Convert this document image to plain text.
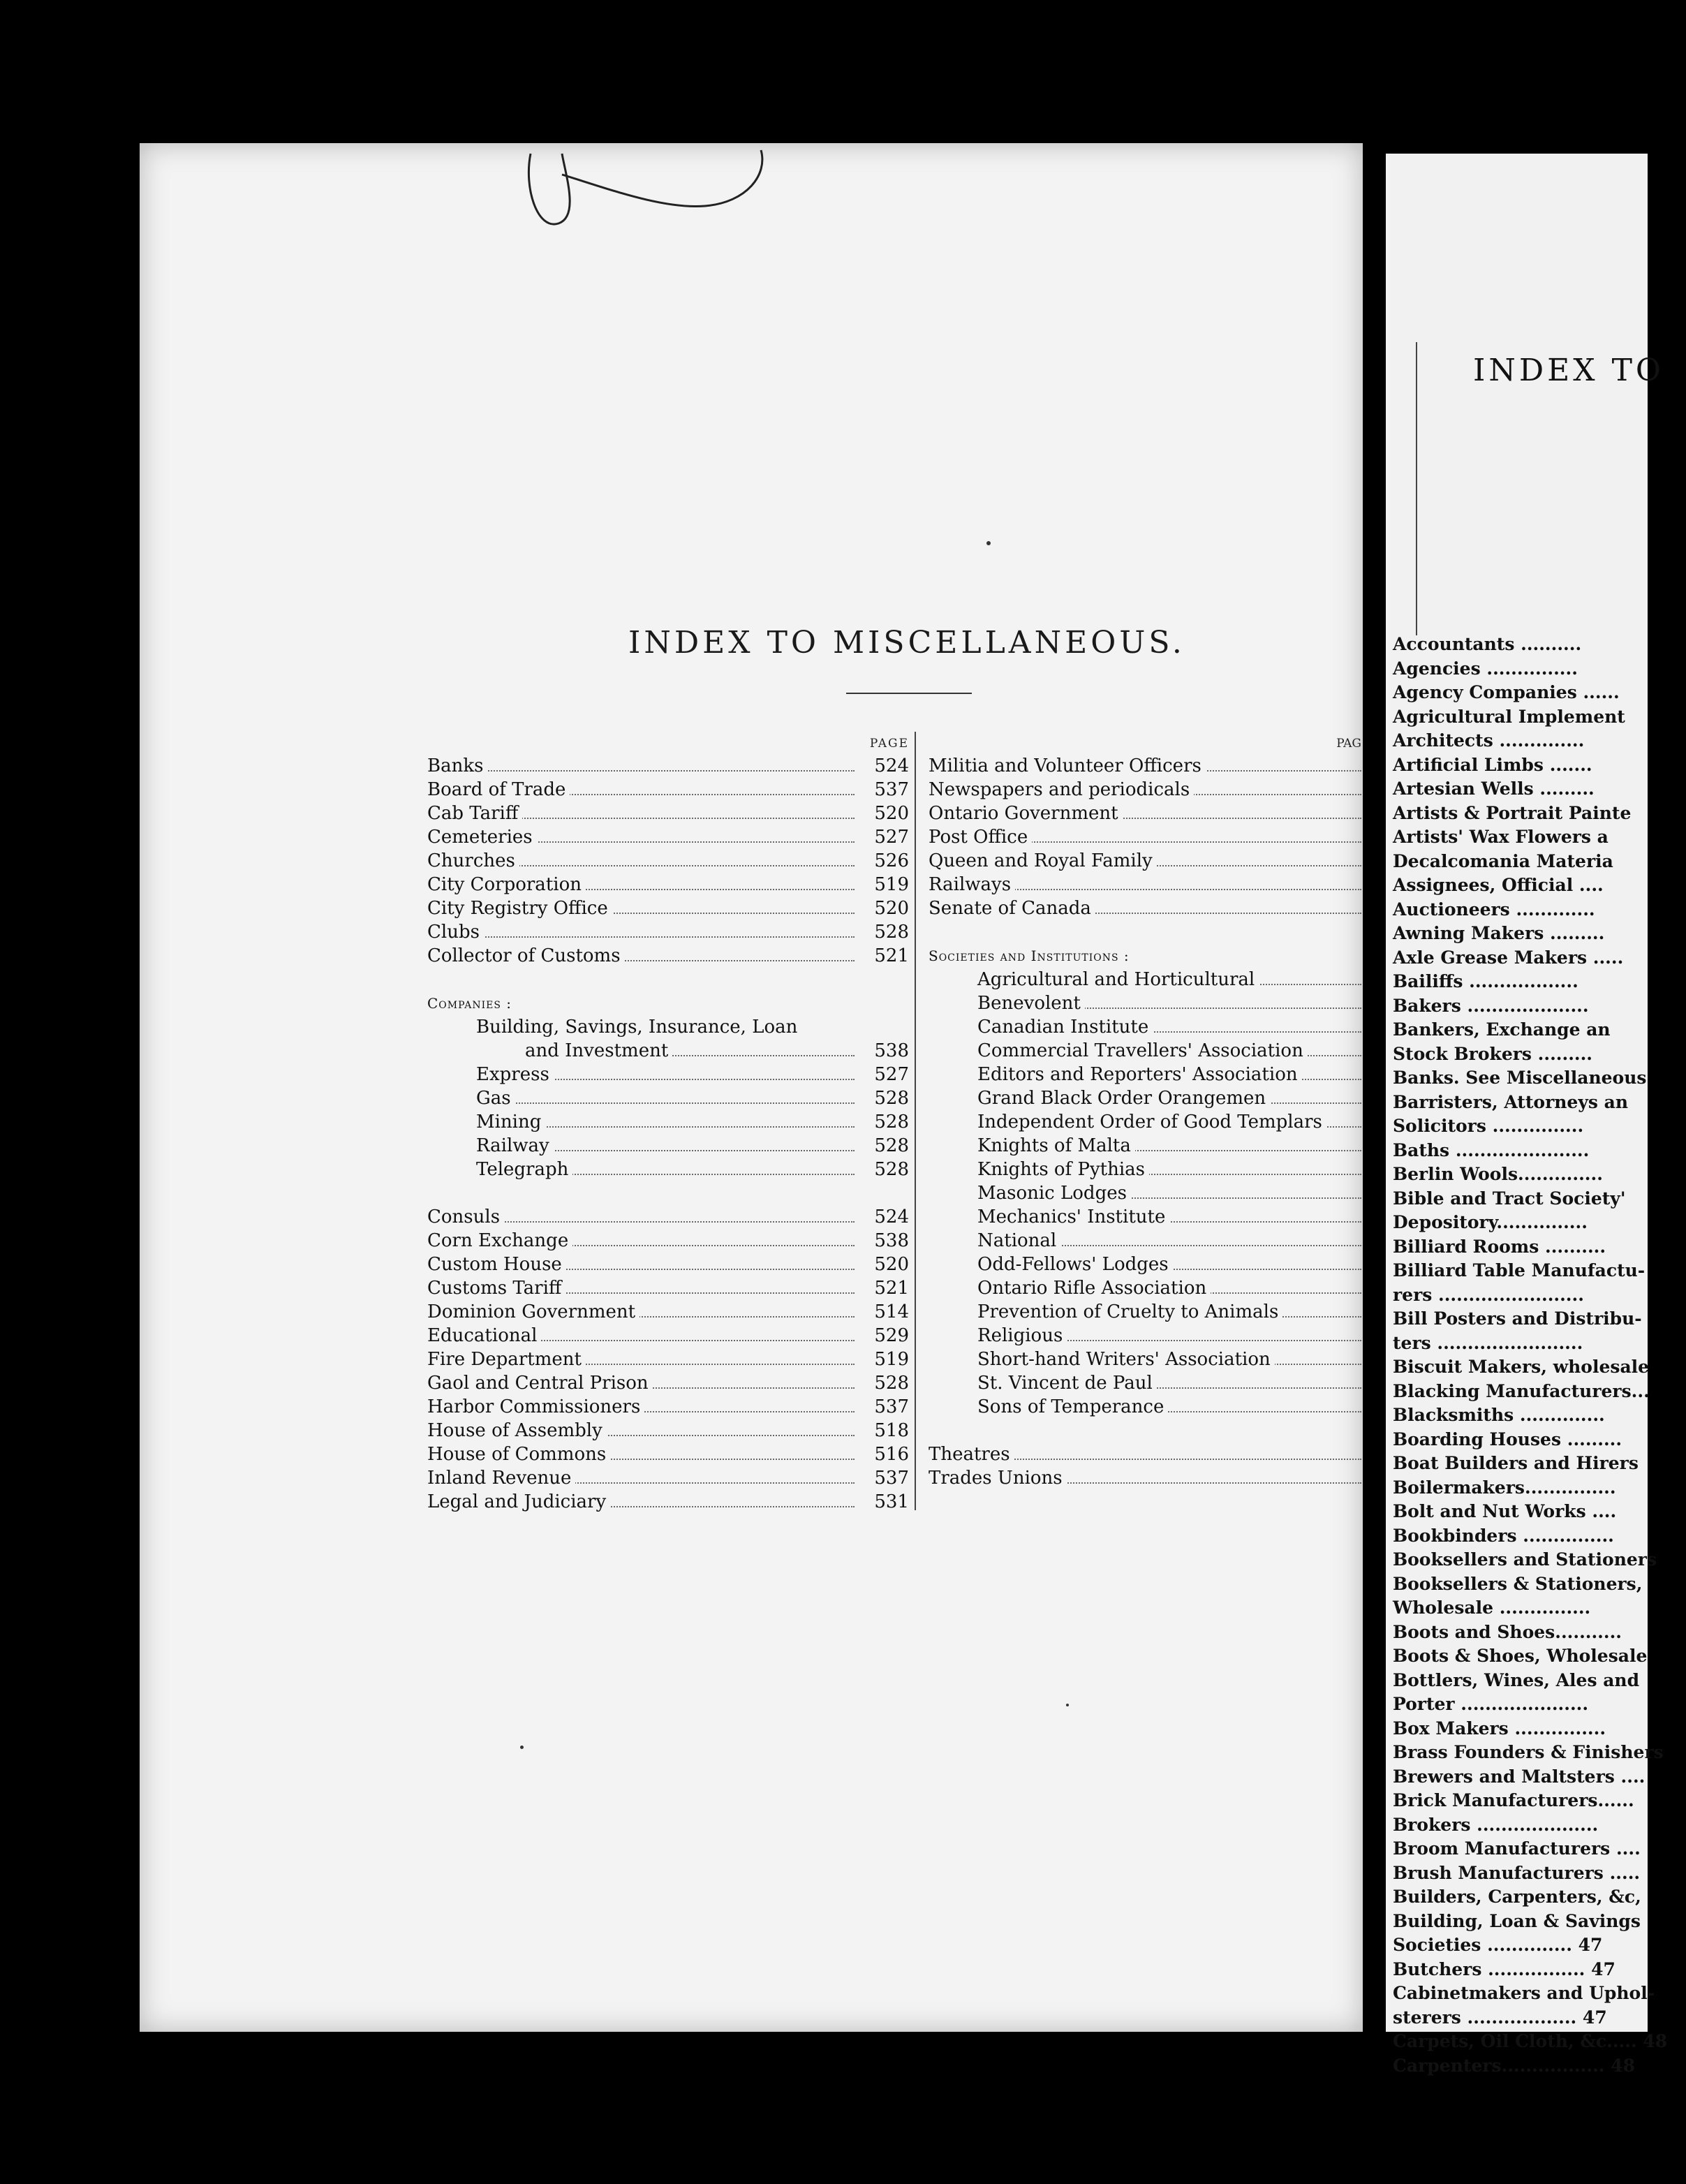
INDEX TO MISCELLANEOUS.
PAGE
Banks	524
Board of Trade	537
Cab Tariff	520
Cemeteries	527
Churches	526
City Corporation	519
City Registry Office	520
Clubs	528
Collector of Customs	521
Companies :
Building, Savings, Insurance, Loan
and Investment	538
Express	527
Gas	528
Mining	528
Railway	528
Telegraph	528
Consuls	524
Corn Exchange	538
Custom House	520
Customs Tariff	521
Dominion Government	514
Educational	529
Fire Department	519
Gaol and Central Prison	528
Harbor Commissioners	537
House of Assembly	518
House of Commons	516
Inland Revenue	537
Legal and Judiciary	531
PAG
Militia and Volunteer Officers
Newspapers and periodicals
Ontario Government
Post Office
Queen and Royal Family
Railways
Senate of Canada
Societies and Institutions :
Agricultural and Horticultural
Benevolent
Canadian Institute
Commercial Travellers' Association
Editors and Reporters' Association
Grand Black Order Orangemen
Independent Order of Good Templars
Knights of Malta
Knights of Pythias
Masonic Lodges
Mechanics' Institute
National
Odd-Fellows' Lodges
Ontario Rifle Association
Prevention of Cruelty to Animals
Religious
Short-hand Writers' Association
St. Vincent de Paul
Sons of Temperance
Theatres
Trades Unions
INDEX TO
Accountants ..........
Agencies ...............
Agency Companies ......
Agricultural Implement
Architects ..............
Artificial Limbs .......
Artesian Wells .........
Artists & Portrait Painte
Artists' Wax Flowers a
Decalcomania Materia
Assignees, Official ....
Auctioneers .............
Awning Makers .........
Axle Grease Makers .....
Bailiffs ..................
Bakers ....................
Bankers, Exchange an
Stock Brokers .........
Banks. See Miscellaneous
Barristers, Attorneys an
Solicitors ...............
Baths ......................
Berlin Wools..............
Bible and Tract Society'
Depository...............
Billiard Rooms ..........
Billiard Table Manufactu-
rers ........................
Bill Posters and Distribu-
ters ........................
Biscuit Makers, wholesale
Blacking Manufacturers...
Blacksmiths ..............
Boarding Houses .........
Boat Builders and Hirers
Boilermakers...............
Bolt and Nut Works ....
Bookbinders ...............
Booksellers and Stationers
Booksellers & Stationers,
Wholesale ...............
Boots and Shoes...........
Boots & Shoes, Wholesale
Bottlers, Wines, Ales and
Porter .....................
Box Makers ...............
Brass Founders & Finishers
Brewers and Maltsters ....
Brick Manufacturers......
Brokers ....................
Broom Manufacturers ....
Brush Manufacturers .....
Builders, Carpenters, &c,
Building, Loan & Savings
Societies .............. 47
Butchers ................ 47
Cabinetmakers and Uphol-
sterers .................. 47
Carpets, Oil Cloth, &c..... 48
Carpenters................. 48
